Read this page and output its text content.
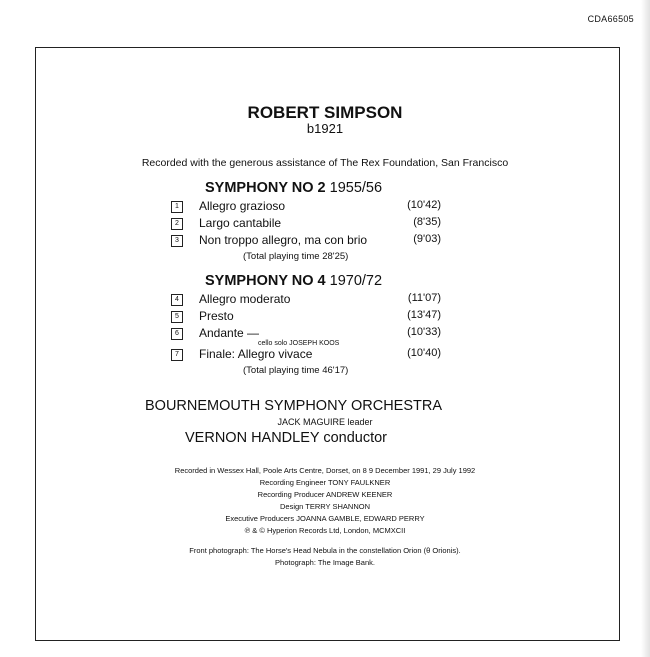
CDA66505
ROBERT SIMPSON
b1921
Recorded with the generous assistance of The Rex Foundation, San Francisco
SYMPHONY NO 2 1955/56
1	Allegro grazioso	(10'42)
2	Largo cantabile	(8'35)
3	Non troppo allegro, ma con brio	(9'03)
(Total playing time 28'25)
SYMPHONY NO 4 1970/72
4	Allegro moderato	(11'07)
5	Presto	(13'47)
6	Andante —	(10'33)
cello solo JOSEPH KOOS
7	Finale: Allegro vivace	(10'40)
(Total playing time 46'17)
BOURNEMOUTH SYMPHONY ORCHESTRA
JACK MAGUIRE leader
VERNON HANDLEY conductor
Recorded in Wessex Hall, Poole Arts Centre, Dorset, on 8 9 December 1991, 29 July 1992
Recording Engineer TONY FAULKNER
Recording Producer ANDREW KEENER
Design TERRY SHANNON
Executive Producers JOANNA GAMBLE, EDWARD PERRY
℗ & © Hyperion Records Ltd, London, MCMXCII
Front photograph: The Horse's Head Nebula in the constellation Orion (θ Orionis).
Photograph: The Image Bank.
